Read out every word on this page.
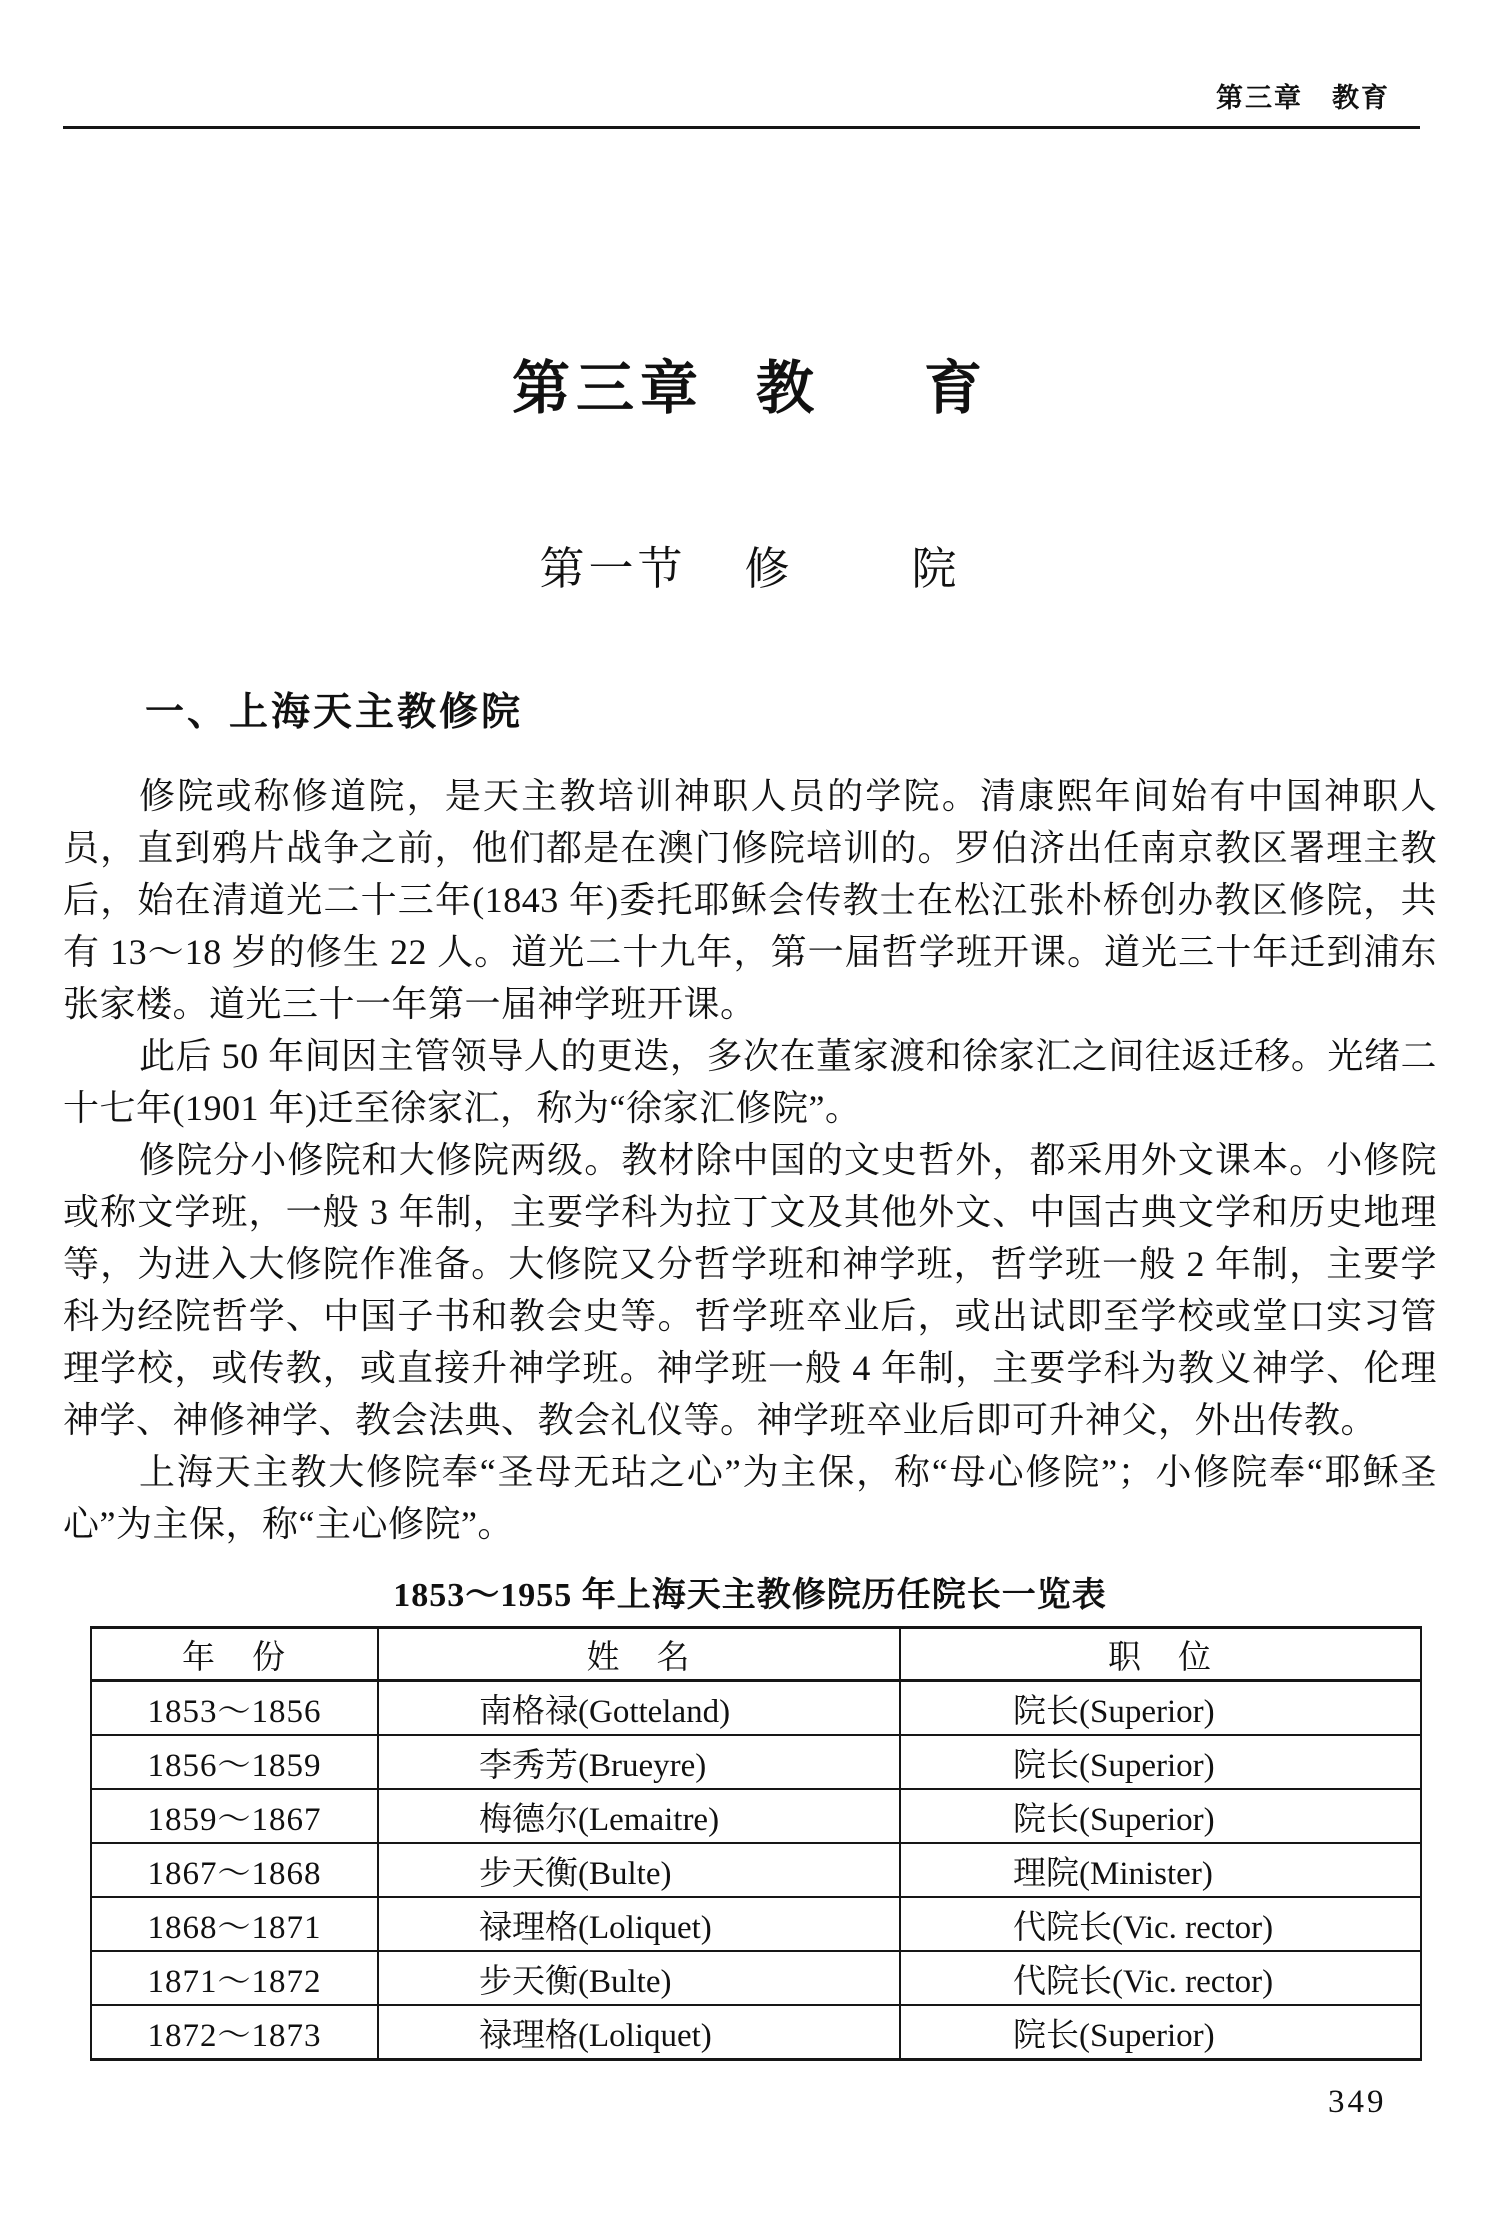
第三章　教育
第三章 教 育
第一节 修	院
一、上海天主教修院

修院或称修道院，是天主教培训神职人员的学院。清康熙年间始有中国神职人员，直到鸦片战争之前，他们都是在澳门修院培训的。罗伯济出任南京教区署理主教后，始在清道光二十三年(1843 年)委托耶稣会传教士在松江张朴桥创办教区修院，共有 13～18 岁的修生 22 人。道光二十九年，第一届哲学班开课。道光三十年迁到浦东张家楼。道光三十一年第一届神学班开课。

此后 50 年间因主管领导人的更迭，多次在董家渡和徐家汇之间往返迁移。光绪二十七年(1901 年)迁至徐家汇，称为“徐家汇修院”。

修院分小修院和大修院两级。教材除中国的文史哲外，都采用外文课本。小修院或称文学班，一般 3 年制，主要学科为拉丁文及其他外文、中国古典文学和历史地理等，为进入大修院作准备。大修院又分哲学班和神学班，哲学班一般 2 年制，主要学科为经院哲学、中国子书和教会史等。哲学班卒业后，或出试即至学校或堂口实习管理学校，或传教，或直接升神学班。神学班一般 4 年制，主要学科为教义神学、伦理神学、神修神学、教会法典、教会礼仪等。神学班卒业后即可升神父，外出传教。

上海天主教大修院奉“圣母无玷之心”为主保，称“母心修院”；小修院奉“耶稣圣心”为主保，称“主心修院”。

1853～1955 年上海天主教修院历任院长一览表
年　份	姓　名	职　位
1853～1856	南格禄(Gotteland)	院长(Superior)
1856～1859	李秀芳(Brueyre)	院长(Superior)
1859～1867	梅德尔(Lemaitre)	院长(Superior)
1867～1868	步天衡(Bulte)	理院(Minister)
1868～1871	禄理格(Loliquet)	代院长(Vic. rector)
1871～1872	步天衡(Bulte)	代院长(Vic. rector)
1872～1873	禄理格(Loliquet)	院长(Superior)
349
